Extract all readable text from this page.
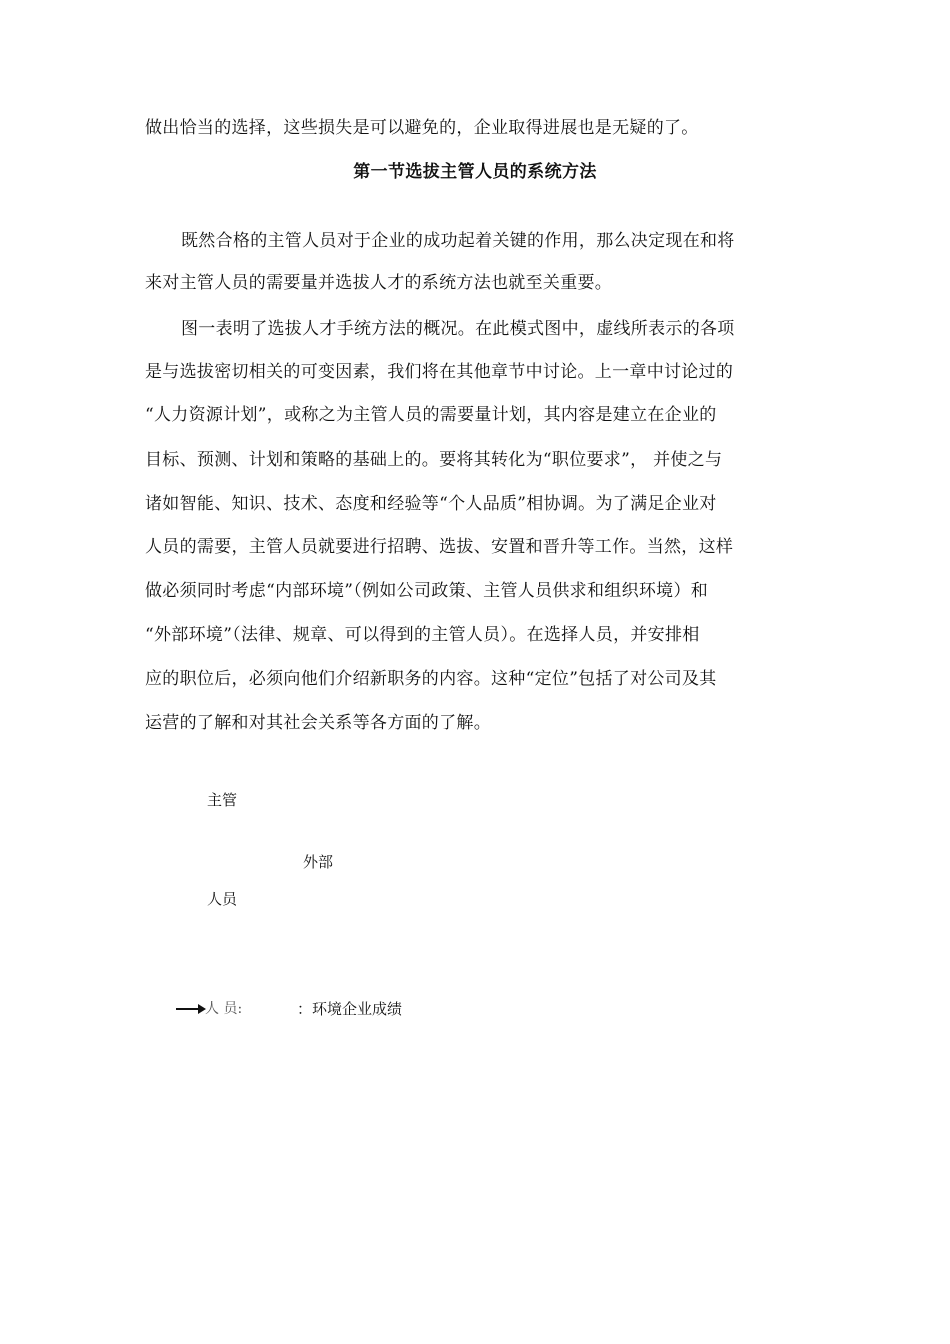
做出恰当的选择，这些损失是可以避免的，企业取得进展也是无疑的了。
第一节选拔主管人员的系统方法
既然合格的主管人员对于企业的成功起着关键的作用，那么决定现在和将
来对主管人员的需要量并选拔人才的系统方法也就至关重要。
图一表明了选拔人才手统方法的概况。在此模式图中，虚线所表示的各项
是与选拔密切相关的可变因素，我们将在其他章节中讨论。上一章中讨论过的
“人力资源计划”，或称之为主管人员的需要量计划，其内容是建立在企业的
目标、预测、计划和策略的基础上的。要将其转化为“职位要求”， 并使之与
诸如智能、知识、技术、态度和经验等“个人品质”相协调。为了满足企业对
人员的需要，主管人员就要进行招聘、选拔、安置和晋升等工作。当然，这样
做必须同时考虑“内部环境”（例如公司政策、主管人员供求和组织环境）和
“外部环境”（法律、规章、可以得到的主管人员）。在选择人员，并安排相
应的职位后，必须向他们介绍新职务的内容。这种“定位”包括了对公司及其
运营的了解和对其社会关系等各方面的了解。
主管
外部
人员
人 员:	：环境企业成绩
